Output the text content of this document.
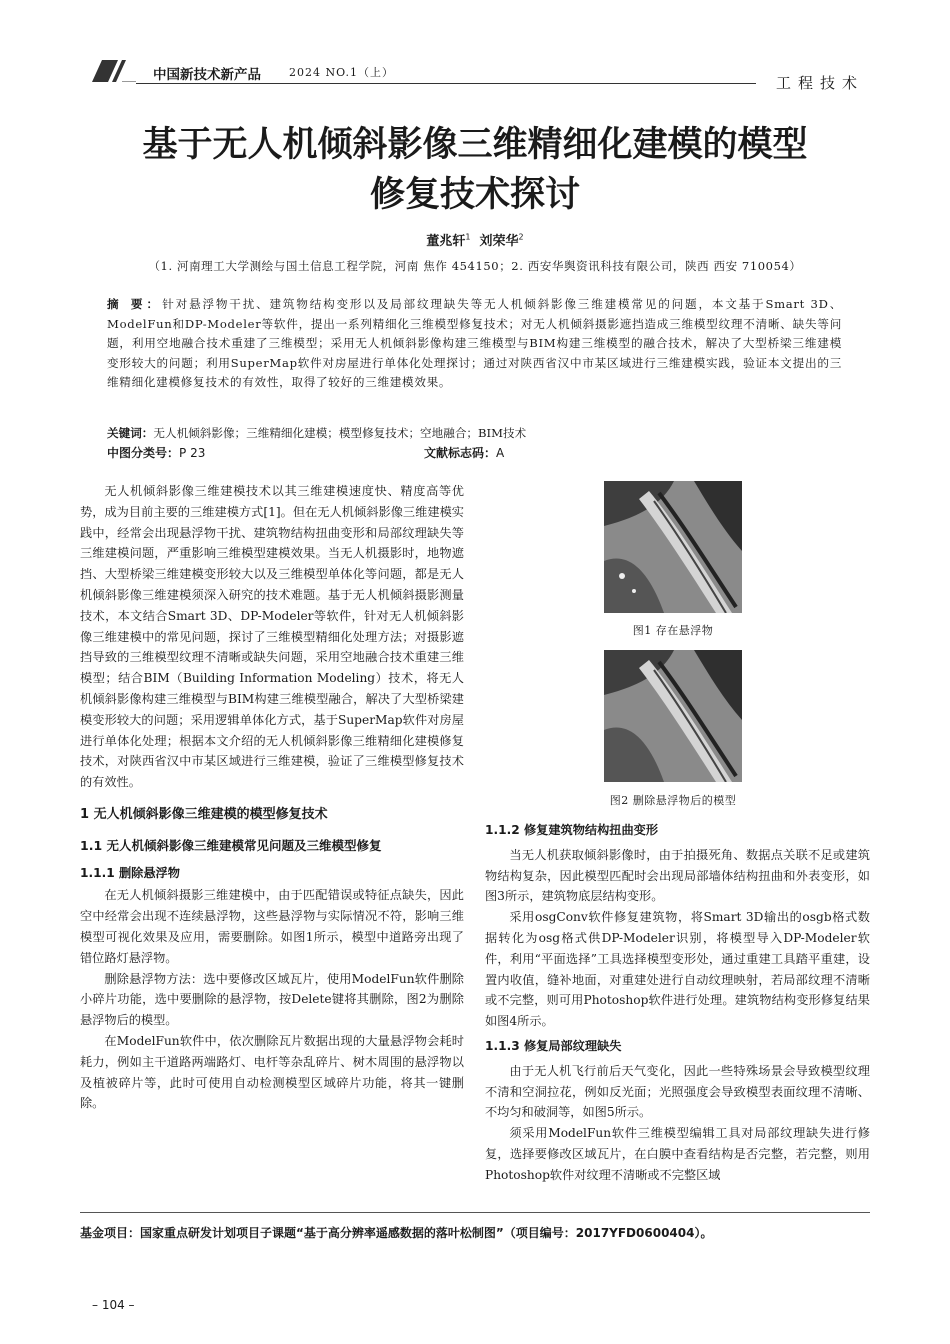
中国新技术新产品	2024 NO.1（上）
工程技术
基于无人机倾斜影像三维精细化建模的模型
修复技术探讨
董兆轩$^1$ 刘荣华$^2$
（1. 河南理工大学测绘与国土信息工程学院，河南 焦作 454150；2. 西安华舆资讯科技有限公司，陕西 西安 710054）
摘 要：针对悬浮物干扰、建筑物结构变形以及局部纹理缺失等无人机倾斜影像三维建模常见的问题，本文基于Smart 3D、ModelFun和DP-Modeler等软件，提出一系列精细化三维模型修复技术；对无人机倾斜摄影遮挡造成三维模型纹理不清晰、缺失等问题，利用空地融合技术重建了三维模型；采用无人机倾斜影像构建三维模型与BIM构建三维模型的融合技术，解决了大型桥梁三维建模变形较大的问题；利用SuperMap软件对房屋进行单体化处理探讨；通过对陕西省汉中市某区域进行三维建模实践，验证本文提出的三维精细化建模修复技术的有效性，取得了较好的三维建模效果。
关键词：无人机倾斜影像；三维精细化建模；模型修复技术；空地融合；BIM技术
中图分类号：P 23	文献标志码：A

无人机倾斜影像三维建模技术以其三维建模速度快、精度高等优势，成为目前主要的三维建模方式[1]。但在无人机倾斜影像三维建模实践中，经常会出现悬浮物干扰、建筑物结构扭曲变形和局部纹理缺失等三维建模问题，严重影响三维模型建模效果。当无人机摄影时，地物遮挡、大型桥梁三维建模变形较大以及三维模型单体化等问题，都是无人机倾斜影像三维建模须深入研究的技术难题。基于无人机倾斜摄影测量技术，本文结合Smart 3D、DP-Modeler等软件，针对无人机倾斜影像三维建模中的常见问题，探讨了三维模型精细化处理方法；对摄影遮挡导致的三维模型纹理不清晰或缺失问题，采用空地融合技术重建三维模型；结合BIM（Building Information Modeling）技术，将无人机倾斜影像构建三维模型与BIM构建三维模型融合，解决了大型桥梁建模变形较大的问题；采用逻辑单体化方式，基于SuperMap软件对房屋进行单体化处理；根据本文介绍的无人机倾斜影像三维精细化建模修复技术，对陕西省汉中市某区域进行三维建模，验证了三维模型修复技术的有效性。

1 无人机倾斜影像三维建模的模型修复技术
1.1 无人机倾斜影像三维建模常见问题及三维模型修复
1.1.1 删除悬浮物

在无人机倾斜摄影三维建模中，由于匹配错误或特征点缺失，因此空中经常会出现不连续悬浮物，这些悬浮物与实际情况不符，影响三维模型可视化效果及应用，需要删除。如图1所示，模型中道路旁出现了错位路灯悬浮物。

删除悬浮物方法：选中要修改区域瓦片，使用ModelFun软件删除小碎片功能，选中要删除的悬浮物，按Delete键将其删除，图2为删除悬浮物后的模型。

在ModelFun软件中，依次删除瓦片数据出现的大量悬浮物会耗时耗力，例如主干道路两端路灯、电杆等杂乱碎片、树木周围的悬浮物以及植被碎片等，此时可使用自动检测模型区域碎片功能，将其一键删除。

图1 存在悬浮物
图2 删除悬浮物后的模型
1.1.2 修复建筑物结构扭曲变形

当无人机获取倾斜影像时，由于拍摄死角、数据点关联不足或建筑物结构复杂，因此模型匹配时会出现局部墙体结构扭曲和外表变形，如图3所示，建筑物底层结构变形。

采用osgConv软件修复建筑物，将Smart 3D输出的osgb格式数据转化为osg格式供DP-Modeler识别，将模型导入DP-Modeler软件，利用“平面选择”工具选择模型变形处，通过重建工具踏平重建，设置内收值，缝补地面，对重建处进行自动纹理映射，若局部纹理不清晰或不完整，则可用Photoshop软件进行处理。建筑物结构变形修复结果如图4所示。

1.1.3 修复局部纹理缺失

由于无人机飞行前后天气变化，因此一些特殊场景会导致模型纹理不清和空洞拉花，例如反光面；光照强度会导致模型表面纹理不清晰、不均匀和破洞等，如图5所示。

须采用ModelFun软件三维模型编辑工具对局部纹理缺失进行修复，选择要修改区域瓦片，在白膜中查看结构是否完整，若完整，则用Photoshop软件对纹理不清晰或不完整区域

基金项目：国家重点研发计划项目子课题“基于高分辨率遥感数据的落叶松制图”（项目编号：2017YFD0600404）。
– 104 –
